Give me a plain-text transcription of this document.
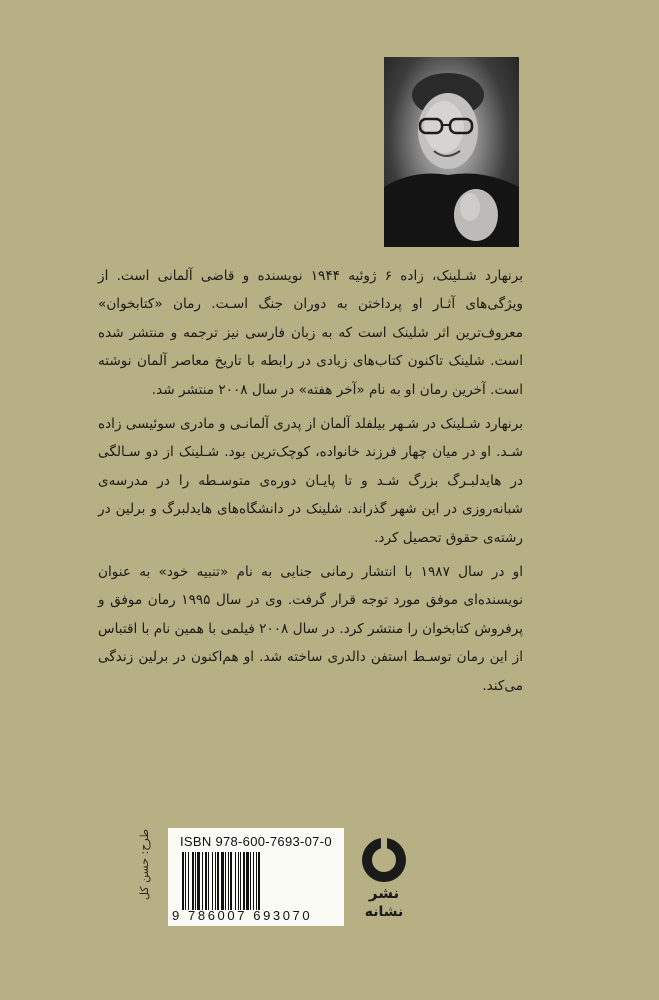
برنهارد شـلینک، زاده ۶ ژوئیه ۱۹۴۴ نویسنده و قاضی آلمانی است. از ویژگی‌های آثـار او پرداختن به دوران جنگ اسـت. رمان «کتابخوان» معروف‌ترین اثر شلینک است که به زبان فارسی نیز ترجمه و منتشر شده است. شلینک تاکنون کتاب‌های زیادی در رابطه با تاریخ معاصر آلمان نوشته است. آخرین رمان او به نام «آخر هفته» در سال ۲۰۰۸ منتشر شد.

برنهارد شـلینک در شـهر بیلفلد آلمان از پدری آلمانـی و مادری سوئیسی زاده شـد. او در میان چهار فرزند خانواده، کوچک‌ترین بود. شـلینک از دو سـالگی در هایدلبـرگ بزرگ شـد و تا پایـان دوره‌ی متوسـطه را در مدرسه‌ی شبانه‌روزی در این شهر گذراند. شلینک در دانشگاه‌های هایدلبرگ و برلین در رشته‌ی حقوق تحصیل کرد.

او در سال ۱۹۸۷ با انتشار رمانی جنایی به نام «تنبیه خود» به عنوان نویسنده‌ای موفق مورد توجه قرار گرفت. وی در سال ۱۹۹۵ رمان موفق و پرفروش کتابخوان را منتشر کرد. در سال ۲۰۰۸ فیلمی با همین نام با اقتباس از این رمان توسـط استفن دالدری ساخته شد. او هم‌اکنون در برلین زندگی می‌کند.

ISBN 978-600-7693-07-0
9 786007 693070
نشر
نشانه
طرح: حسن کل
